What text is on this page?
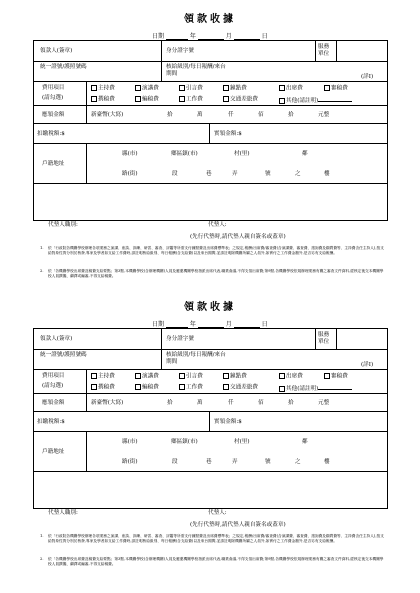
領款收據
日期	年	月	日
領款人(簽章)	身分證字號
服務單位
統一證號/護照號碼	核給級別/每日報酬/來台期間
(詳I)
費用項目
(請勾選)
主持費	演講費	引言費	鐘點費	出席費	審稿費
撰稿費	編稿費	工作費	交通差旅費	其他(請註明)
應領金額	新臺幣(大寫)	拾	萬	仟	佰	拾	元整
扣繳稅額:$	實領金額:$
戶籍地址
縣(市)	鄉區鎮(市)	村(里)	鄰
路(街)	段	巷	弄	號	之	樓
代墊人職別:	代墊人:
(先行代墊時,請代墊人親自簽名或蓋章)
1. 依「行政院各機關學校辦理各項業務之演講、座談、訓練、研習、審查、評鑑等所需支付鐘點費及出席費標準表」之規定,報酬/出席費/審查費(含演講費、審查費、諮詢費及顧問費等、主持費含任主持人),按支給對象性質分別於核發,專家及學者如支給工作費時,請註明核給級別、每日報酬(含支給費)以及來台期間,並請註明除機關所屬之人員外,如實付之工作費金額外,是否另有支給報酬。
2. 依「各機關學校出席費及稿費支給要點」第3點,本機關學校(含辦理機關)人員及應邀機關學校指派出席代表,職業會議,不得支領出席費;第9點,各機關學校依規辦理業務有關之審查文件資料,經核定後交本機關學校人員撰擬、翻譯或編審,不得支給稿費。
領款收據
日期	年	月	日
領款人(簽章)	身分證字號
服務單位
統一證號/護照號碼	核給級別/每日報酬/來台期間
(詳I)
費用項目
(請勾選)
主持費	演講費	引言費	鐘點費	出席費	審稿費
撰稿費	編稿費	工作費	交通差旅費	其他(請註明)
應領金額	新臺幣(大寫)	拾	萬	仟	佰	拾	元整
扣繳稅額:$	實領金額:$
戶籍地址
縣(市)	鄉區鎮(市)	村(里)	鄰
路(街)	段	巷	弄	號	之	樓
代墊人職別:	代墊人:
(先行代墊時,請代墊人親自簽名或蓋章)
1. 依「行政院各機關學校辦理各項業務之演講、座談、訓練、研習、審查、評鑑等所需支付鐘點費及出席費標準表」之規定,報酬/出席費/審查費(含演講費、審查費、諮詢費及顧問費等、主持費含任主持人),按支給對象性質分別於核發,專家及學者如支給工作費時,請註明核給級別、每日報酬(含支給費)以及來台期間,並請註明除機關所屬之人員外,如實付之工作費金額外,是否另有支給報酬。
2. 依「各機關學校出席費及稿費支給要點」第3點,本機關學校(含辦理機關)人員及應邀機關學校指派出席代表,職業會議,不得支領出席費;第9點,各機關學校依規辦理業務有關之審查文件資料,經核定後交本機關學校人員撰擬、翻譯或編審,不得支給稿費。
